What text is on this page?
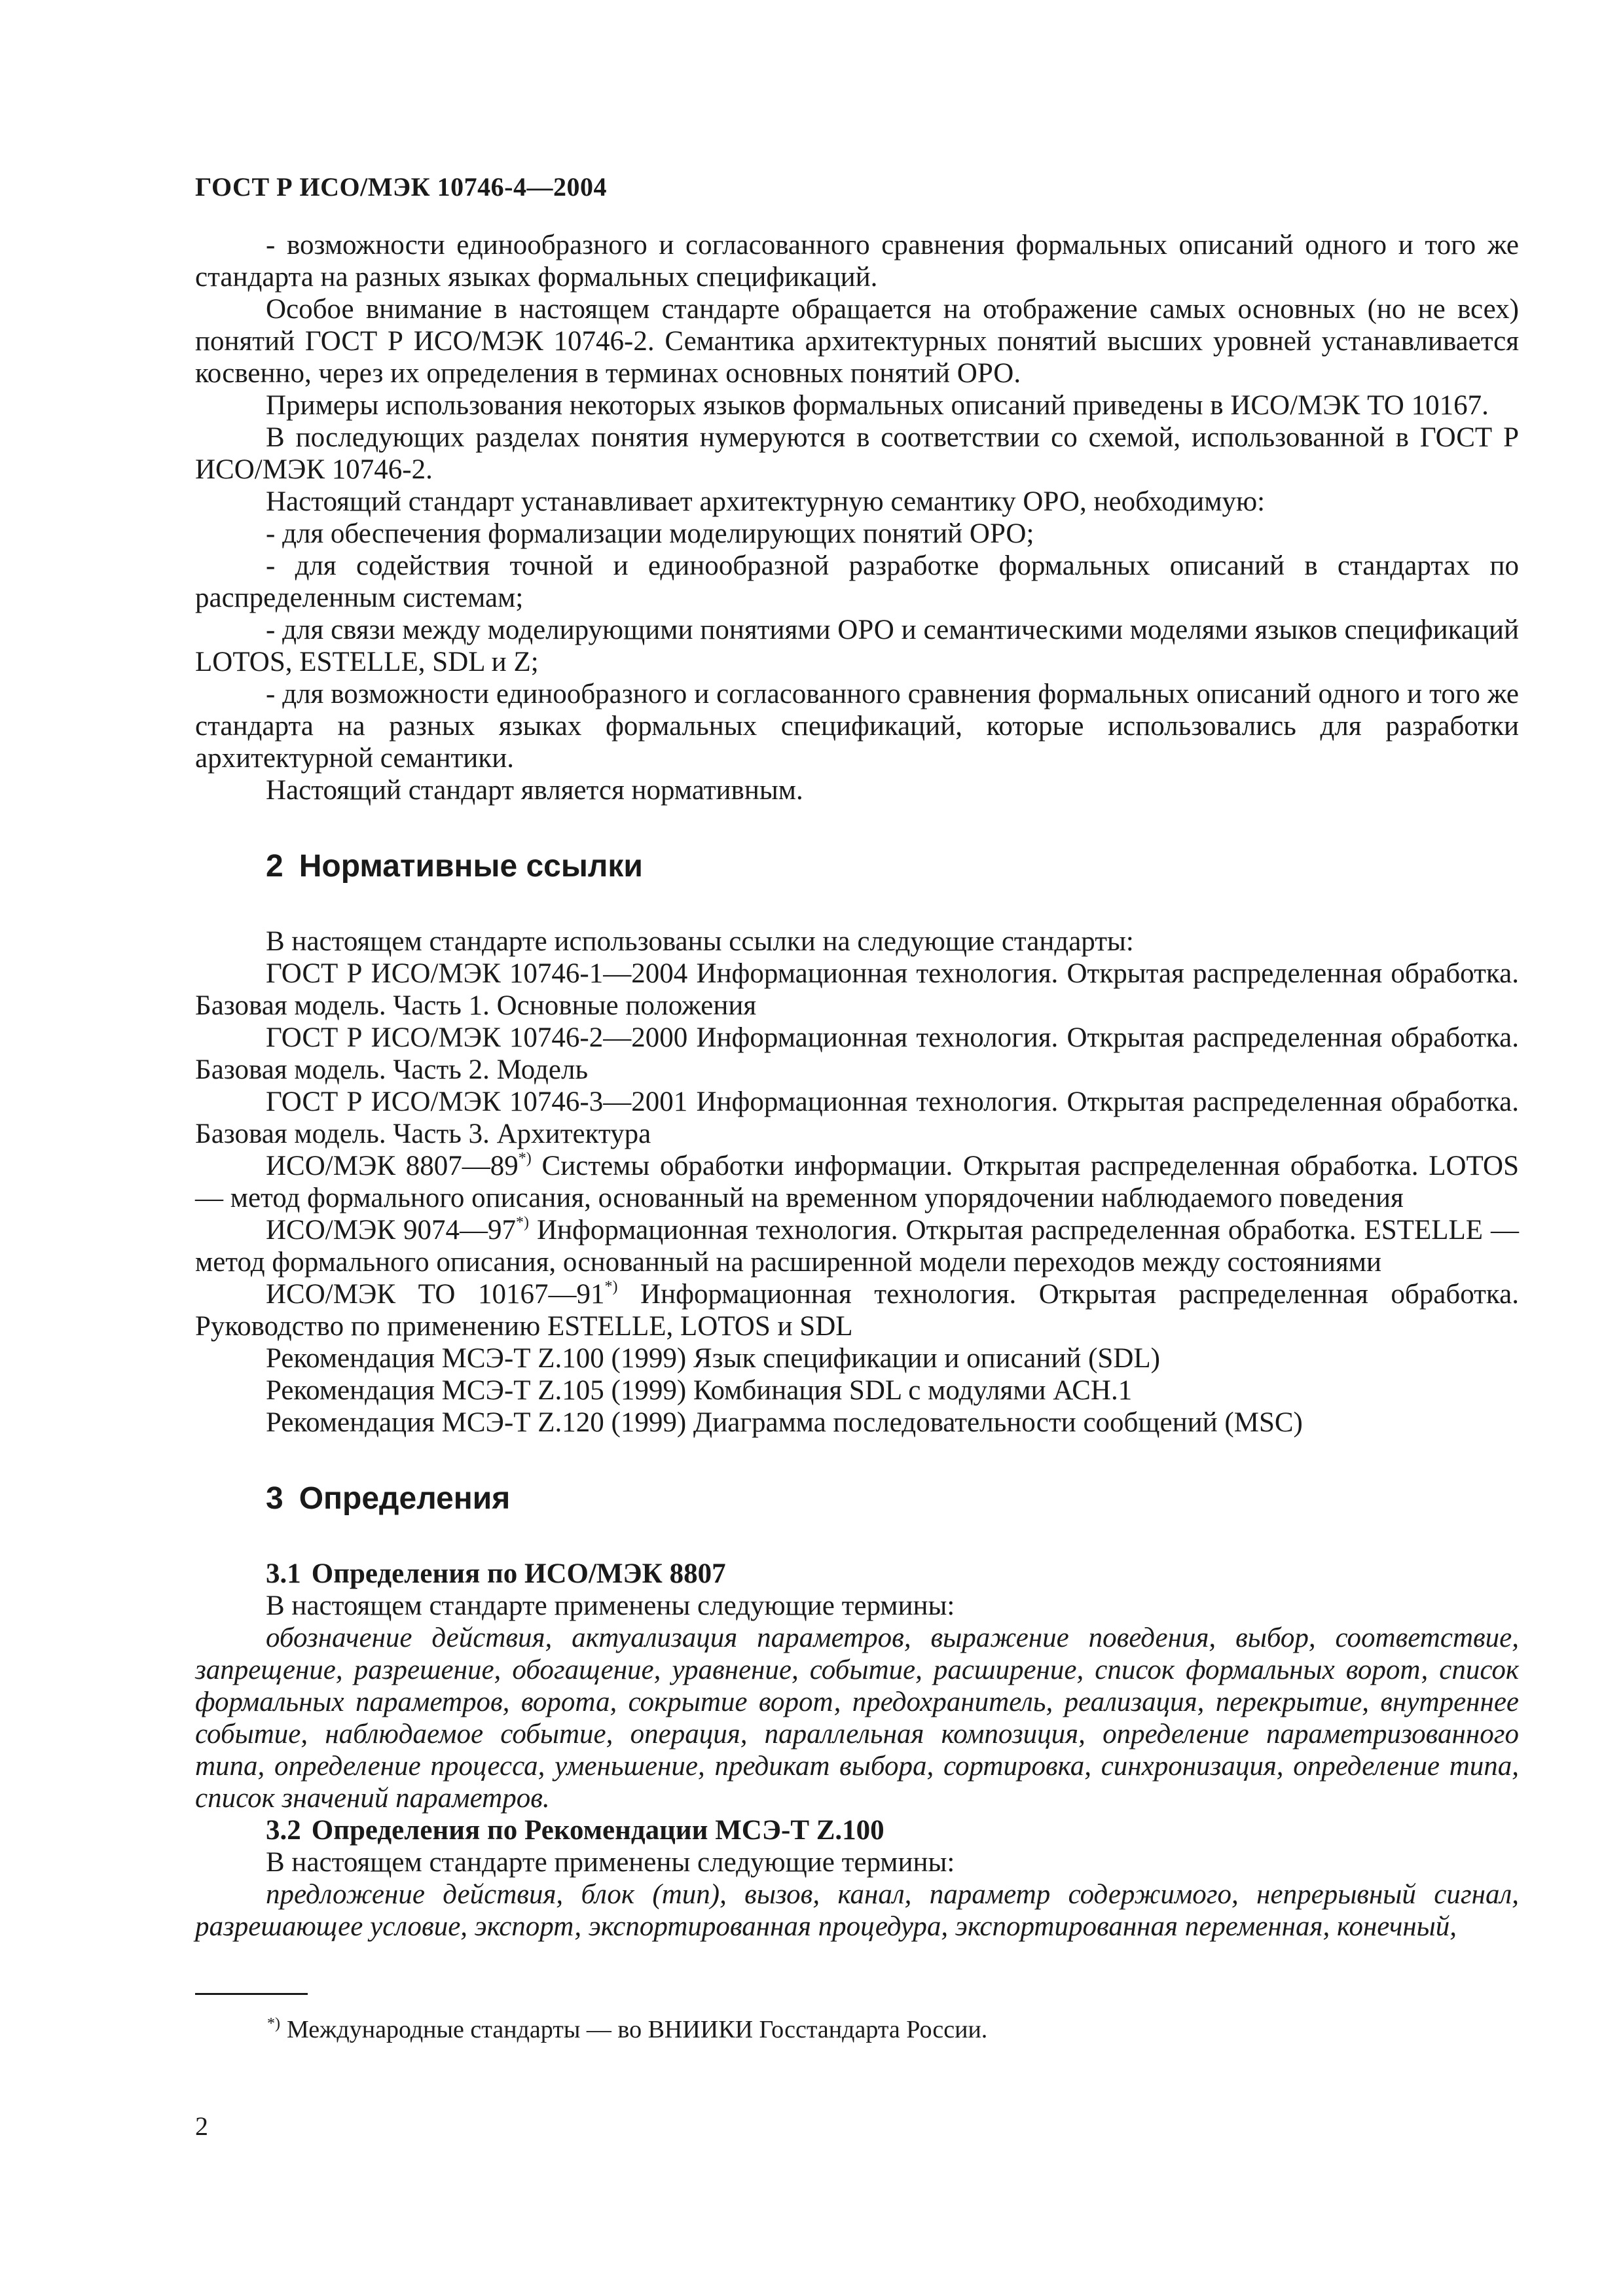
ГОСТ Р ИСО/МЭК 10746-4—2004

- возможности единообразного и согласованного сравнения формальных описаний одного и того же стандарта на разных языках формальных спецификаций.

Особое внимание в настоящем стандарте обращается на отображение самых основных (но не всех) понятий ГОСТ Р ИСО/МЭК 10746-2. Семантика архитектурных понятий высших уровней устанавливается косвенно, через их определения в терминах основных понятий ОРО.

Примеры использования некоторых языков формальных описаний приведены в ИСО/МЭК ТО 10167.

В последующих разделах понятия нумеруются в соответствии со схемой, использованной в ГОСТ Р ИСО/МЭК 10746-2.

Настоящий стандарт устанавливает архитектурную семантику ОРО, необходимую:

- для обеспечения формализации моделирующих понятий ОРО;

- для содействия точной и единообразной разработке формальных описаний в стандартах по распределенным системам;

- для связи между моделирующими понятиями ОРО и семантическими моделями языков спецификаций LOTOS, ESTELLE, SDL и Z;

- для возможности единообразного и согласованного сравнения формальных описаний одного и того же стандарта на разных языках формальных спецификаций, которые использовались для разработки архитектурной семантики.

Настоящий стандарт является нормативным.

2 Нормативные ссылки

В настоящем стандарте использованы ссылки на следующие стандарты:

ГОСТ Р ИСО/МЭК 10746-1—2004 Информационная технология. Открытая распределенная обработка. Базовая модель. Часть 1. Основные положения

ГОСТ Р ИСО/МЭК 10746-2—2000 Информационная технология. Открытая распределенная обработка. Базовая модель. Часть 2. Модель

ГОСТ Р ИСО/МЭК 10746-3—2001 Информационная технология. Открытая распределенная обработка. Базовая модель. Часть 3. Архитектура

ИСО/МЭК 8807—89*) Системы обработки информации. Открытая распределенная обработка. LOTOS — метод формального описания, основанный на временном упорядочении наблюдаемого поведения

ИСО/МЭК 9074—97*) Информационная технология. Открытая распределенная обработка. ESTELLE — метод формального описания, основанный на расширенной модели переходов между состояниями

ИСО/МЭК ТО 10167—91*) Информационная технология. Открытая распределенная обработка. Руководство по применению ESTELLE, LOTOS и SDL

Рекомендация МСЭ-Т Z.100 (1999) Язык спецификации и описаний (SDL)

Рекомендация МСЭ-Т Z.105 (1999) Комбинация SDL с модулями АСН.1

Рекомендация МСЭ-Т Z.120 (1999) Диаграмма последовательности сообщений (MSC)

3 Определения
3.1 Определения по ИСО/МЭК 8807

В настоящем стандарте применены следующие термины:

обозначение действия, актуализация параметров, выражение поведения, выбор, соответствие, запрещение, разрешение, обогащение, уравнение, событие, расширение, список формальных ворот, список формальных параметров, ворота, сокрытие ворот, предохранитель, реализация, перекрытие, внутреннее событие, наблюдаемое событие, операция, параллельная композиция, определение параметризованного типа, определение процесса, уменьшение, предикат выбора, сортировка, синхронизация, определение типа, список значений параметров.

3.2 Определения по Рекомендации МСЭ-Т Z.100

В настоящем стандарте применены следующие термины:

предложение действия, блок (тип), вызов, канал, параметр содержимого, непрерывный сигнал, разрешающее условие, экспорт, экспортированная процедура, экспортированная переменная, конечный,

*) Международные стандарты — во ВНИИКИ Госстандарта России.
2
